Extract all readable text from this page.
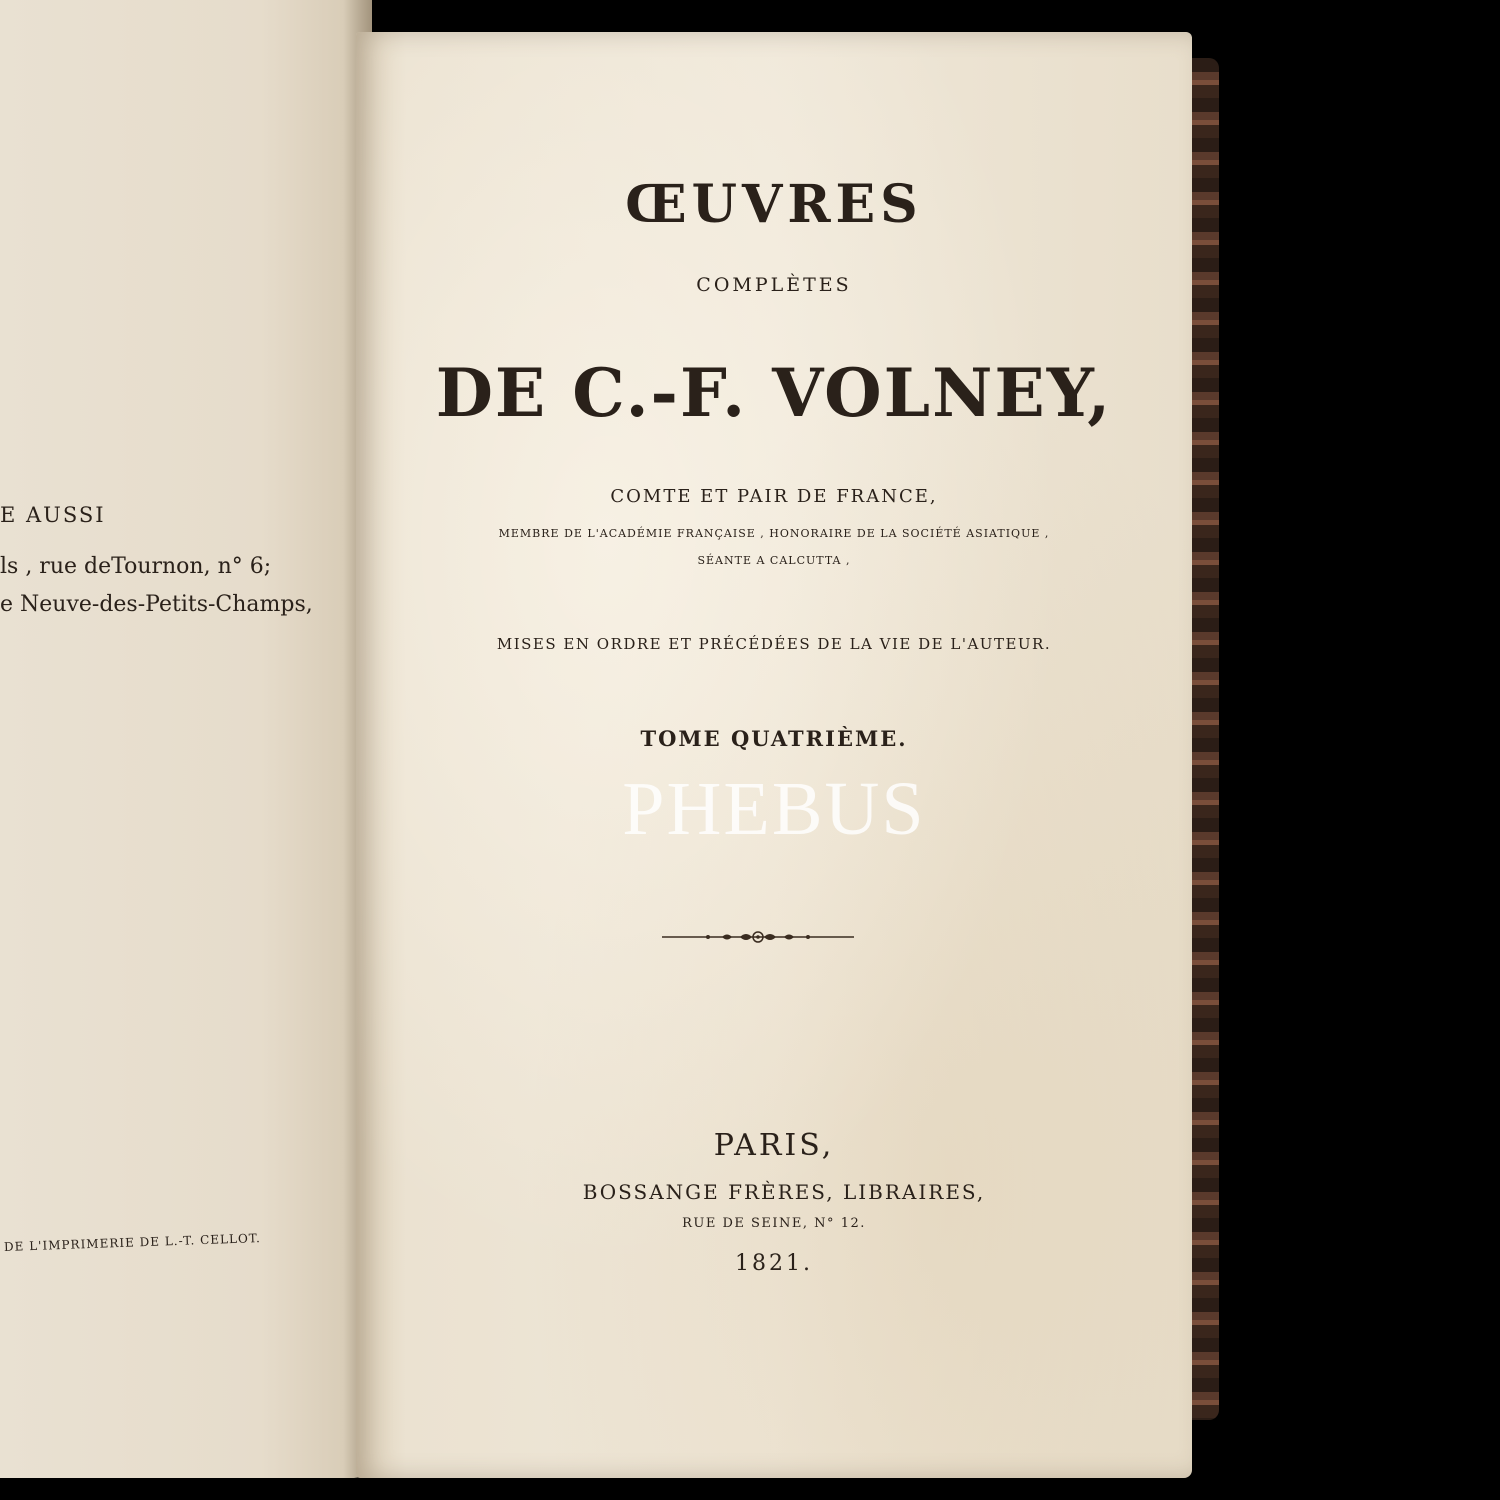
E AUSSI

ls , rue deTournon, n° 6;

e Neuve-des-Petits-Champs,

DE L'IMPRIMERIE DE L.-T. CELLOT.

ŒUVRES

COMPLÈTES

DE C.-F. VOLNEY,

COMTE ET PAIR DE FRANCE,

MEMBRE DE L'ACADÉMIE FRANÇAISE , HONORAIRE DE LA SOCIÉTÉ ASIATIQUE ,

SÉANTE A CALCUTTA ,

MISES EN ORDRE ET PRÉCÉDÉES DE LA VIE DE L'AUTEUR.

TOME QUATRIÈME.

PHEBUS

PARIS,

BOSSANGE FRÈRES, LIBRAIRES,

RUE DE SEINE, N° 12.

1821.
